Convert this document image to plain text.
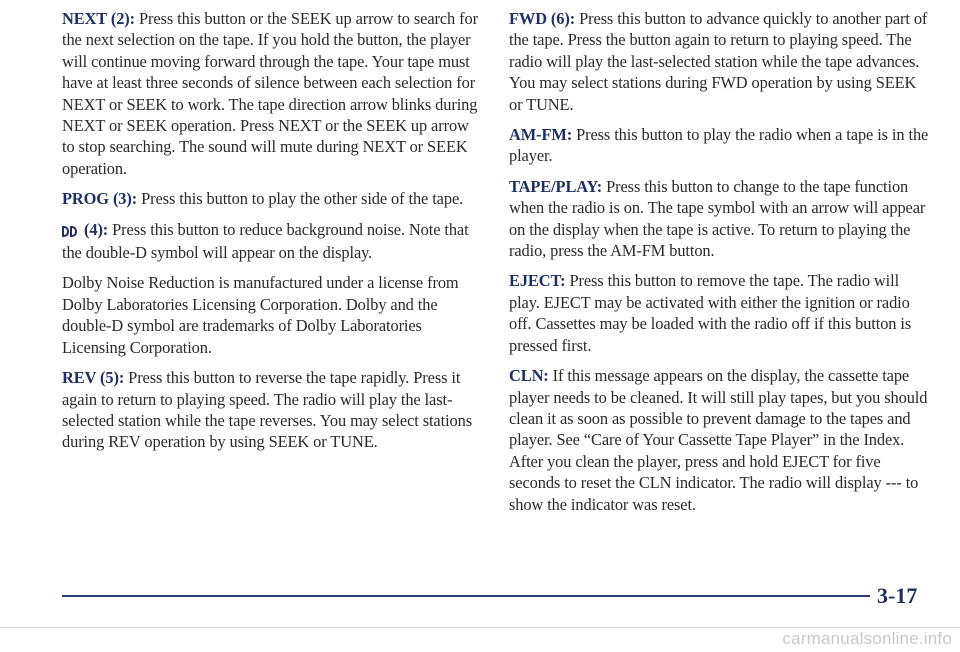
NEXT (2): Press this button or the SEEK up arrow to search for the next selection on the tape. If you hold the button, the player will continue moving forward through the tape. Your tape must have at least three seconds of silence between each selection for NEXT or SEEK to work. The tape direction arrow blinks during NEXT or SEEK operation. Press NEXT or the SEEK up arrow to stop searching. The sound will mute during NEXT or SEEK operation.

PROG (3): Press this button to play the other side of the tape.

(4): Press this button to reduce background noise. Note that the double-D symbol will appear on the display.

Dolby Noise Reduction is manufactured under a license from Dolby Laboratories Licensing Corporation. Dolby and the double-D symbol are trademarks of Dolby Laboratories Licensing Corporation.

REV (5): Press this button to reverse the tape rapidly. Press it again to return to playing speed. The radio will play the last-selected station while the tape reverses. You may select stations during REV operation by using SEEK or TUNE.

FWD (6): Press this button to advance quickly to another part of the tape. Press the button again to return to playing speed. The radio will play the last-selected station while the tape advances. You may select stations during FWD operation by using SEEK or TUNE.

AM-FM: Press this button to play the radio when a tape is in the player.

TAPE/PLAY: Press this button to change to the tape function when the radio is on. The tape symbol with an arrow will appear on the display when the tape is active. To return to playing the radio, press the AM-FM button.

EJECT: Press this button to remove the tape. The radio will play. EJECT may be activated with either the ignition or radio off. Cassettes may be loaded with the radio off if this button is pressed first.

CLN: If this message appears on the display, the cassette tape player needs to be cleaned. It will still play tapes, but you should clean it as soon as possible to prevent damage to the tapes and player. See “Care of Your Cassette Tape Player” in the Index. After you clean the player, press and hold EJECT for five seconds to reset the CLN indicator. The radio will display --- to show the indicator was reset.

3-17
carmanualsonline.info
